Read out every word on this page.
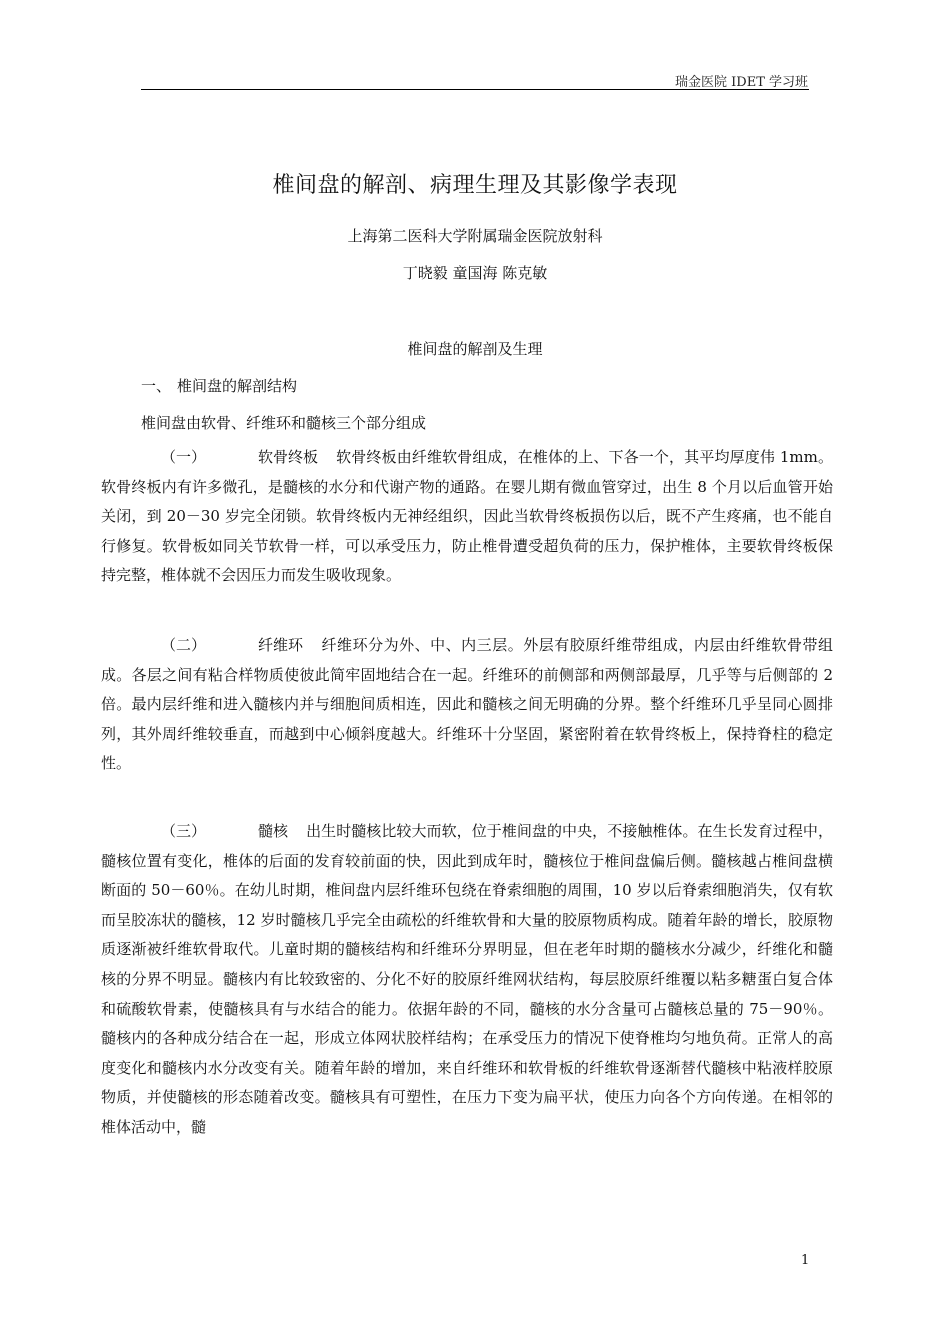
瑞金医院 IDET 学习班
椎间盘的解剖、病理生理及其影像学表现
上海第二医科大学附属瑞金医院放射科
丁晓毅 童国海 陈克敏
椎间盘的解剖及生理
一、 椎间盘的解剖结构
椎间盘由软骨、纤维环和髓核三个部分组成
（一）	软骨终板 软骨终板由纤维软骨组成，在椎体的上、下各一个，其平均厚度伟 1mm。软骨终板内有许多微孔，是髓核的水分和代谢产物的通路。在婴儿期有微血管穿过，出生 8 个月以后血管开始关闭，到 20－30 岁完全闭锁。软骨终板内无神经组织，因此当软骨终板损伤以后，既不产生疼痛，也不能自行修复。软骨板如同关节软骨一样，可以承受压力，防止椎骨遭受超负荷的压力，保护椎体，主要软骨终板保持完整，椎体就不会因压力而发生吸收现象。
（二）	纤维环 纤维环分为外、中、内三层。外层有胶原纤维带组成，内层由纤维软骨带组成。各层之间有粘合样物质使彼此简牢固地结合在一起。纤维环的前侧部和两侧部最厚，几乎等与后侧部的 2 倍。最内层纤维和进入髓核内并与细胞间质相连，因此和髓核之间无明确的分界。整个纤维环几乎呈同心圆排列，其外周纤维较垂直，而越到中心倾斜度越大。纤维环十分坚固，紧密附着在软骨终板上，保持脊柱的稳定性。
（三）	髓核 出生时髓核比较大而软，位于椎间盘的中央，不接触椎体。在生长发育过程中，髓核位置有变化，椎体的后面的发育较前面的快，因此到成年时，髓核位于椎间盘偏后侧。髓核越占椎间盘横断面的 50－60％。在幼儿时期，椎间盘内层纤维环包绕在脊索细胞的周围，10 岁以后脊索细胞消失，仅有软而呈胶冻状的髓核，12 岁时髓核几乎完全由疏松的纤维软骨和大量的胶原物质构成。随着年龄的增长，胶原物质逐渐被纤维软骨取代。儿童时期的髓核结构和纤维环分界明显，但在老年时期的髓核水分减少，纤维化和髓核的分界不明显。髓核内有比较致密的、分化不好的胶原纤维网状结构，每层胶原纤维覆以粘多糖蛋白复合体和硫酸软骨素，使髓核具有与水结合的能力。依据年龄的不同，髓核的水分含量可占髓核总量的 75－90％。髓核内的各种成分结合在一起，形成立体网状胶样结构；在承受压力的情况下使脊椎均匀地负荷。正常人的高度变化和髓核内水分改变有关。随着年龄的增加，来自纤维环和软骨板的纤维软骨逐渐替代髓核中粘液样胶原物质，并使髓核的形态随着改变。髓核具有可塑性，在压力下变为扁平状，使压力向各个方向传递。在相邻的椎体活动中，髓
1
